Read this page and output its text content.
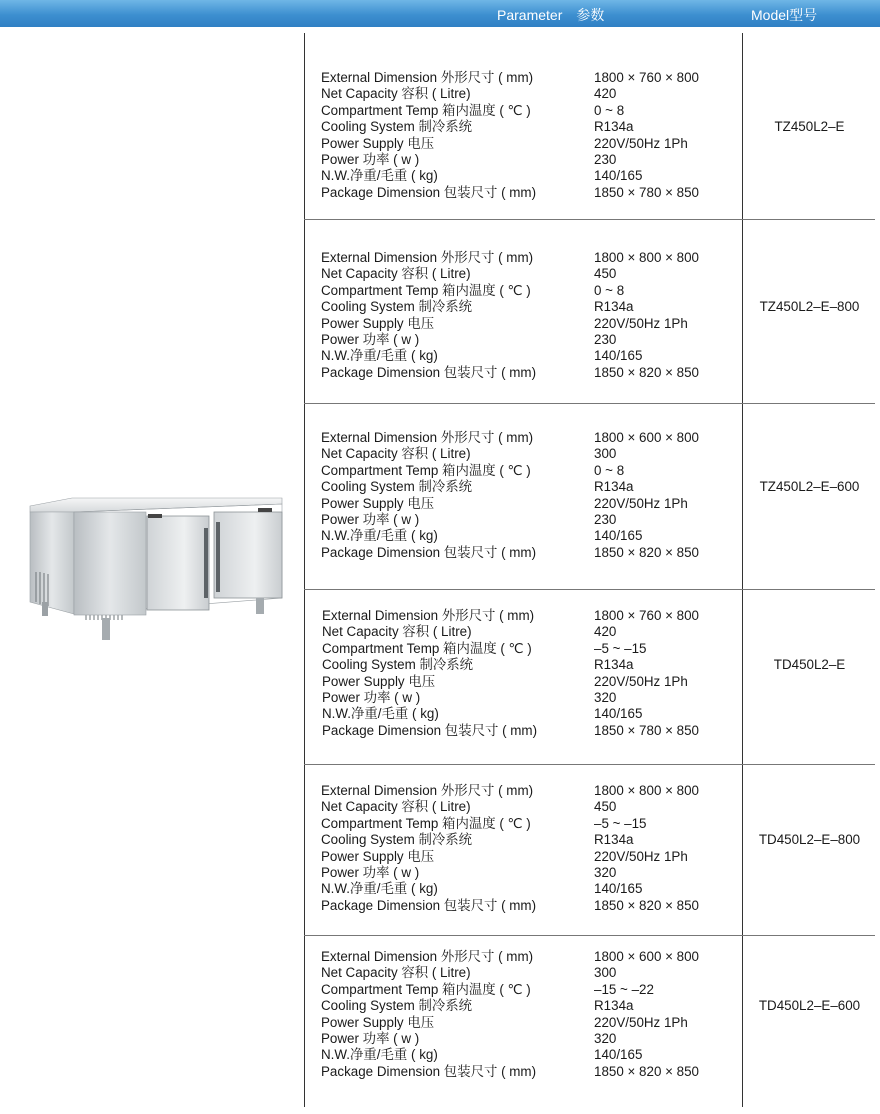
Parameter　参数	Model型号
External Dimension 外形尺寸 ( mm)
Net Capacity 容积 ( Litre)
Compartment Temp 箱内温度 ( ℃ )
Cooling System 制冷系统
Power Supply 电压
Power 功率 ( w )
N.W.净重/毛重 ( kg)
Package Dimension 包装尺寸 ( mm)
1800 × 760 × 800
420
0 ~ 8
R134a
220V/50Hz 1Ph
230
140/165
1850 × 780 × 850
TZ450L2–E
External Dimension 外形尺寸 ( mm)
Net Capacity 容积 ( Litre)
Compartment Temp 箱内温度 ( ℃ )
Cooling System 制冷系统
Power Supply 电压
Power 功率 ( w )
N.W.净重/毛重 ( kg)
Package Dimension 包装尺寸 ( mm)
1800 × 800 × 800
450
0 ~ 8
R134a
220V/50Hz 1Ph
230
140/165
1850 × 820 × 850
TZ450L2–E–800
External Dimension 外形尺寸 ( mm)
Net Capacity 容积 ( Litre)
Compartment Temp 箱内温度 ( ℃ )
Cooling System 制冷系统
Power Supply 电压
Power 功率 ( w )
N.W.净重/毛重 ( kg)
Package Dimension 包装尺寸 ( mm)
1800 × 600 × 800
300
0 ~ 8
R134a
220V/50Hz 1Ph
230
140/165
1850 × 820 × 850
TZ450L2–E–600
External Dimension 外形尺寸 ( mm)
Net Capacity 容积 ( Litre)
Compartment Temp 箱内温度 ( ℃ )
Cooling System 制冷系统
Power Supply 电压
Power 功率 ( w )
N.W.净重/毛重 ( kg)
Package Dimension 包装尺寸 ( mm)
1800 × 760 × 800
420
–5 ~ –15
R134a
220V/50Hz 1Ph
320
140/165
1850 × 780 × 850
TD450L2–E
External Dimension 外形尺寸 ( mm)
Net Capacity 容积 ( Litre)
Compartment Temp 箱内温度 ( ℃ )
Cooling System 制冷系统
Power Supply 电压
Power 功率 ( w )
N.W.净重/毛重 ( kg)
Package Dimension 包装尺寸 ( mm)
1800 × 800 × 800
450
–5 ~ –15
R134a
220V/50Hz 1Ph
320
140/165
1850 × 820 × 850
TD450L2–E–800
External Dimension 外形尺寸 ( mm)
Net Capacity 容积 ( Litre)
Compartment Temp 箱内温度 ( ℃ )
Cooling System 制冷系统
Power Supply 电压
Power 功率 ( w )
N.W.净重/毛重 ( kg)
Package Dimension 包装尺寸 ( mm)
1800 × 600 × 800
300
–15 ~ –22
R134a
220V/50Hz 1Ph
320
140/165
1850 × 820 × 850
TD450L2–E–600
